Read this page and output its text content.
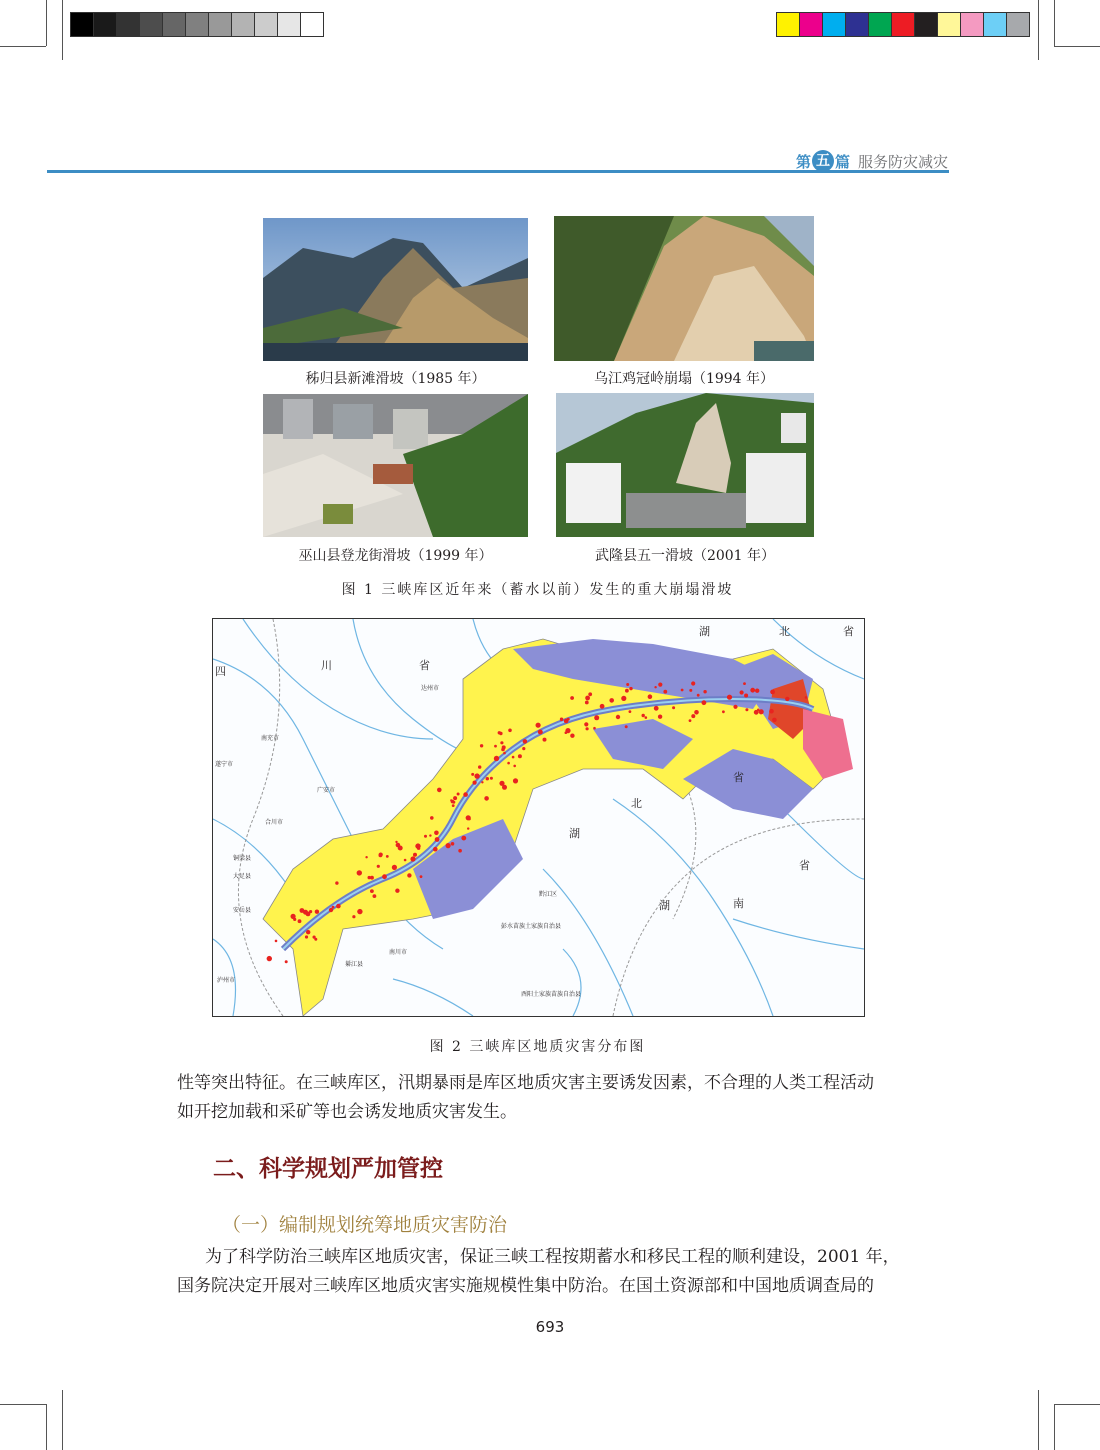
第 五 篇 服务防灾减灾
秭归县新滩滑坡（1985 年）	乌江鸡冠岭崩塌（1994 年）
巫山县登龙街滑坡（1999 年）	武隆县五一滑坡（2001 年）
图 1 三峡库区近年来（蓄水以前）发生的重大崩塌滑坡
湖	北	省
四	川	省
省
北
湖
省
湖	南
达州市
南充市
广安市
遂宁市
合川市
铜梁县
大足县
安岳县
泸州市
綦江县
南川市
黔江区
彭水苗族土家族自治县
酉阳土家族苗族自治县
图 2 三峡库区地质灾害分布图
性等突出特征。在三峡库区，汛期暴雨是库区地质灾害主要诱发因素，不合理的人类工程活动
如开挖加载和采矿等也会诱发地质灾害发生。
二、科学规划严加管控
（一）编制规划统筹地质灾害防治
为了科学防治三峡库区地质灾害，保证三峡工程按期蓄水和移民工程的顺利建设，2001 年，
国务院决定开展对三峡库区地质灾害实施规模性集中防治。在国土资源部和中国地质调查局的
693
